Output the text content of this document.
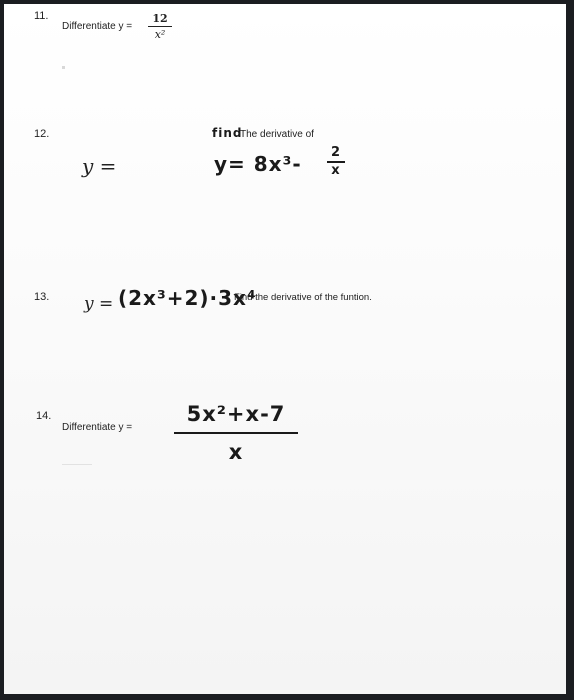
11.
Differentiate y =
12
x²
12.	find
The derivative of
y =	y= 8x³-	2
x
13. y = (2x³+2)·3x⁴
Find the derivative of the funtion.
14.
Differentiate y =
5x²+x-7
x
